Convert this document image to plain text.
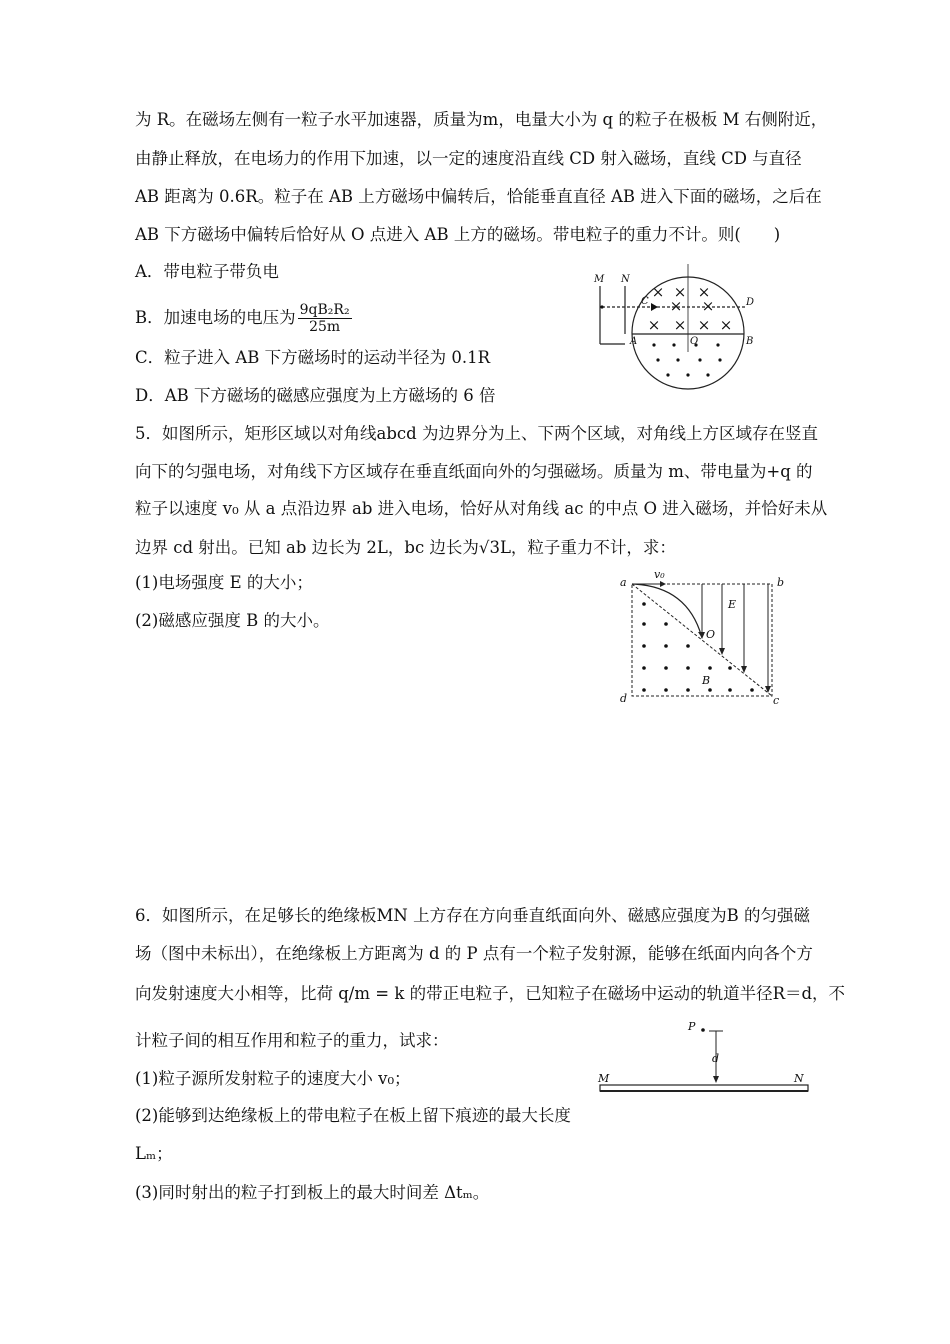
为 R。在磁场左侧有一粒子水平加速器，质量为m，电量大小为 q 的粒子在极板 M 右侧附近，
由静止释放，在电场力的作用下加速，以一定的速度沿直线 CD 射入磁场，直线 CD 与直径
AB 距离为 0.6R。粒子在 AB 上方磁场中偏转后，恰能垂直直径 AB 进入下面的磁场，之后在
AB 下方磁场中偏转后恰好从 O 点进入 AB 上方的磁场。带电粒子的重力不计。则(　　)
A．带电粒子带负电
B．加速电场的电压为 $\frac{\text{9qB₂R₂}}{25m}$
C．粒子进入 AB 下方磁场时的运动半径为 0.1R
D．AB 下方磁场的磁感应强度为上方磁场的 6 倍
× × ×
× ×
× × × ×
M N
C	D
A	B
O
5．如图所示，矩形区域以对角线abcd 为边界分为上、下两个区域，对角线上方区域存在竖直
向下的匀强电场，对角线下方区域存在垂直纸面向外的匀强磁场。质量为 m、带电量为+q 的
粒子以速度 v₀ 从 a 点沿边界 ab 进入电场，恰好从对角线 ac 的中点 O 进入磁场，并恰好未从
边界 cd 射出。已知 ab 边长为 2L，bc 边长为√3L，粒子重力不计，求：
(1)电场强度 E 的大小；
(2)磁感应强度 B 的大小。
a	b
c
d
v₀
E
O
B
6．如图所示，在足够长的绝缘板MN 上方存在方向垂直纸面向外、磁感应强度为B 的匀强磁
场（图中未标出），在绝缘板上方距离为 d 的 P 点有一个粒子发射源，能够在纸面内向各个方
向发射速度大小相等，比荷 q/m = k 的带正电粒子，已知粒子在磁场中运动的轨道半径R＝d，不
计粒子间的相互作用和粒子的重力，试求：
(1)粒子源所发射粒子的速度大小 v₀；
(2)能够到达绝缘板上的带电粒子在板上留下痕迹的最大长度
Lₘ；
(3)同时射出的粒子打到板上的最大时间差 Δtₘ。
P
d
M	N
